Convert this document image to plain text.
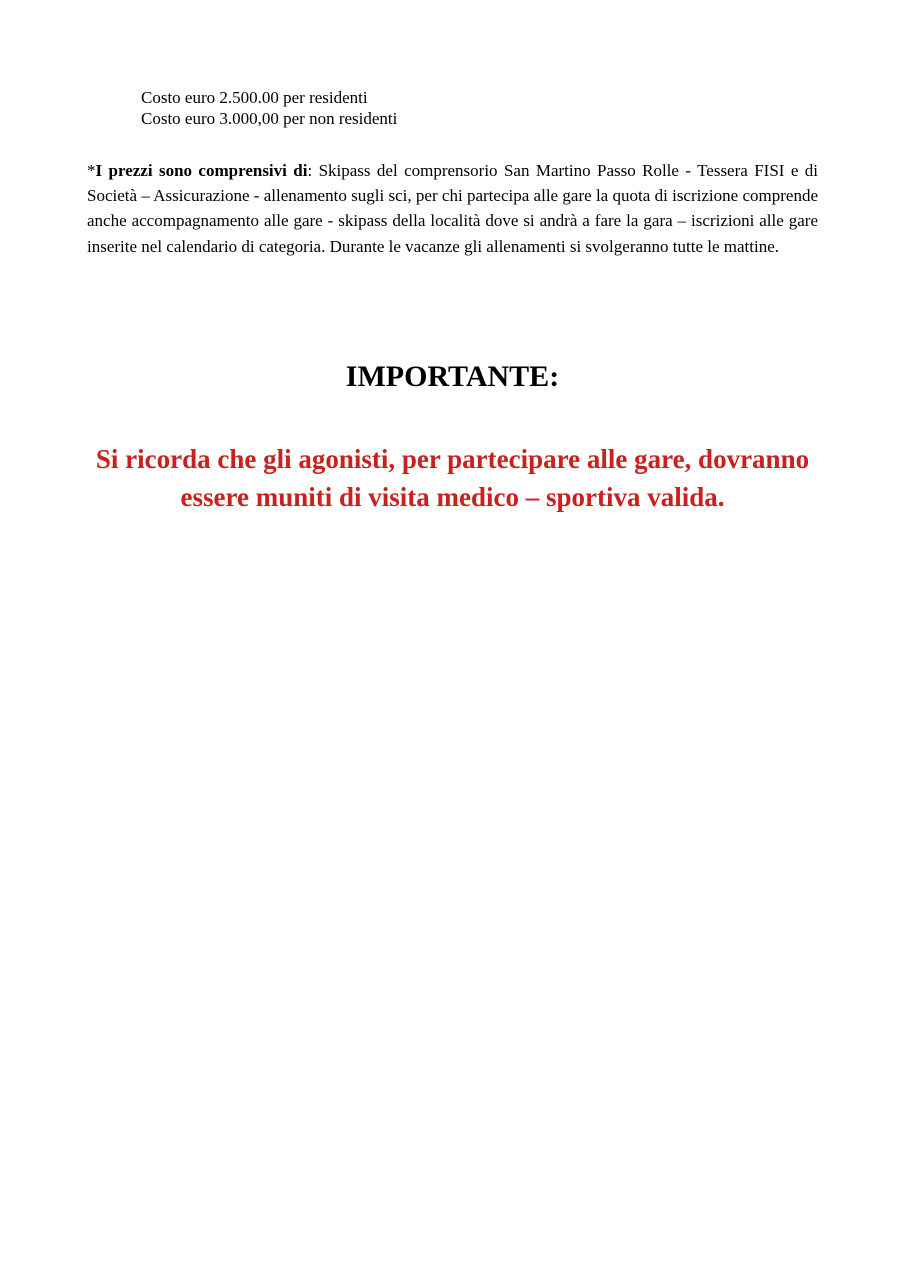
Costo euro 2.500.00 per residenti
Costo euro 3.000,00 per non residenti

*I prezzi sono comprensivi di: Skipass del comprensorio San Martino Passo Rolle - Tessera FISI e di Società – Assicurazione - allenamento sugli sci, per chi partecipa alle gare la quota di iscrizione comprende anche accompagnamento alle gare - skipass della località dove si andrà a fare la gara – iscrizioni alle gare inserite nel calendario di categoria. Durante le vacanze gli allenamenti si svolgeranno tutte le mattine.

IMPORTANTE:

Si ricorda che gli agonisti, per partecipare alle gare, dovranno
essere muniti di visita medico – sportiva valida.
